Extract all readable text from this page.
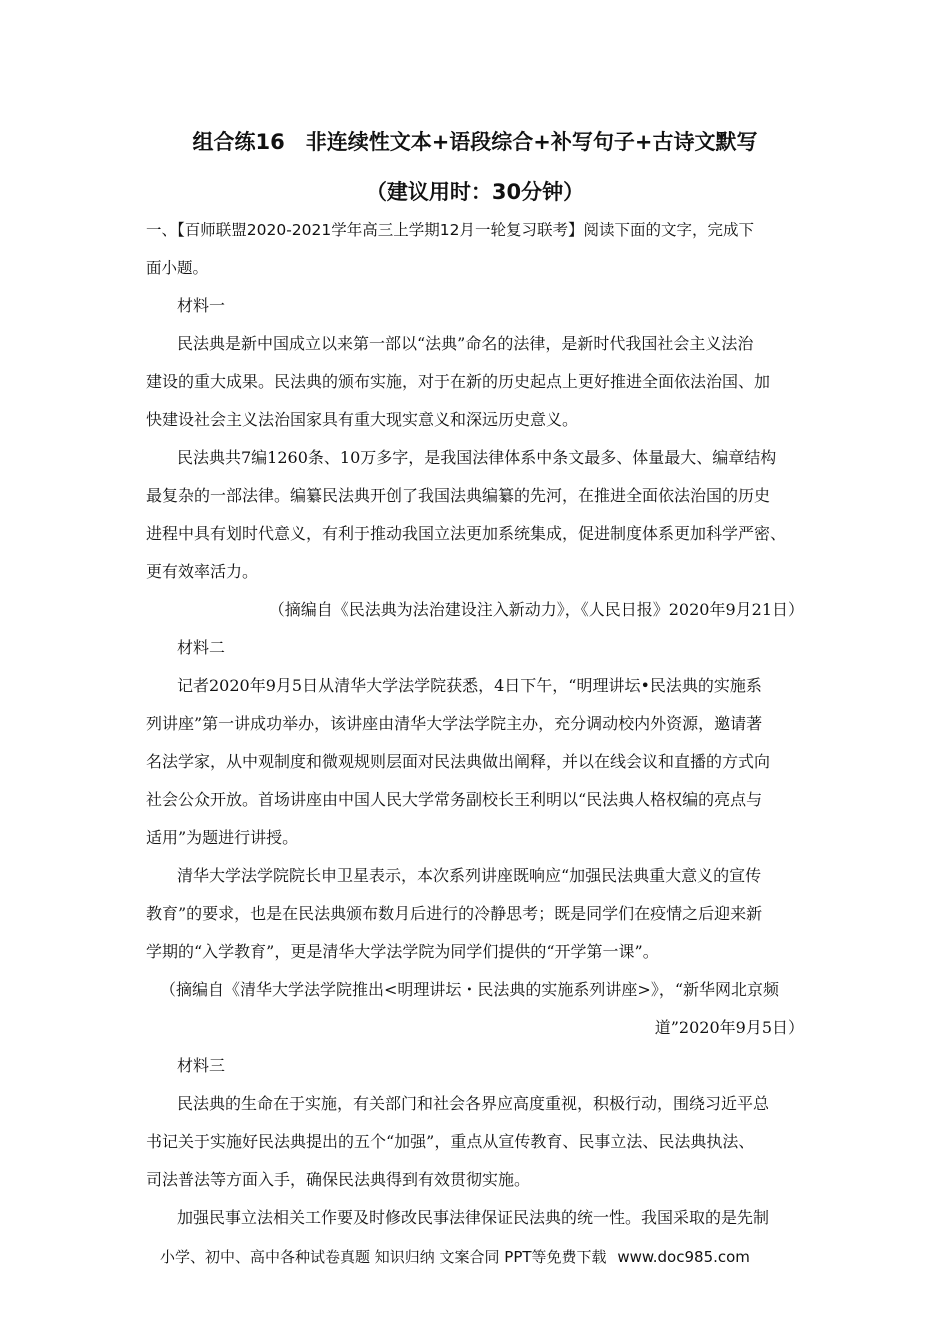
组合练16　非连续性文本+语段综合+补写句子+古诗文默写
（建议用时：30分钟）
一、【百师联盟2020-2021学年高三上学期12月一轮复习联考】阅读下面的文字，完成下
面小题。
材料一
民法典是新中国成立以来第一部以“法典”命名的法律，是新时代我国社会主义法治
建设的重大成果。民法典的颁布实施，对于在新的历史起点上更好推进全面依法治国、加
快建设社会主义法治国家具有重大现实意义和深远历史意义。
民法典共7编1260条、10万多字，是我国法律体系中条文最多、体量最大、编章结构
最复杂的一部法律。编纂民法典开创了我国法典编纂的先河，在推进全面依法治国的历史
进程中具有划时代意义，有利于推动我国立法更加系统集成，促进制度体系更加科学严密、
更有效率活力。
（摘编自《民法典为法治建设注入新动力》，《人民日报》2020年9月21日）
材料二
记者2020年9月5日从清华大学法学院获悉，4日下午，“明理讲坛•民法典的实施系
列讲座”第一讲成功举办，该讲座由清华大学法学院主办，充分调动校内外资源，邀请著
名法学家，从中观制度和微观规则层面对民法典做出阐释，并以在线会议和直播的方式向
社会公众开放。首场讲座由中国人民大学常务副校长王利明以“民法典人格权编的亮点与
适用”为题进行讲授。
清华大学法学院院长申卫星表示，本次系列讲座既响应“加强民法典重大意义的宣传
教育”的要求，也是在民法典颁布数月后进行的冷静思考；既是同学们在疫情之后迎来新
学期的“入学教育”，更是清华大学法学院为同学们提供的“开学第一课”。
（摘编自《清华大学法学院推出<明理讲坛・民法典的实施系列讲座>》，“新华网北京频
道”2020年9月5日）
材料三
民法典的生命在于实施，有关部门和社会各界应高度重视，积极行动，围绕习近平总
书记关于实施好民法典提出的五个“加强”，重点从宣传教育、民事立法、民法典执法、
司法普法等方面入手，确保民法典得到有效贯彻实施。
加强民事立法相关工作要及时修改民事法律保证民法典的统一性。我国采取的是先制
小学、初中、高中各种试卷真题 知识归纳 文案合同 PPT等免费下载 www.doc985.com
